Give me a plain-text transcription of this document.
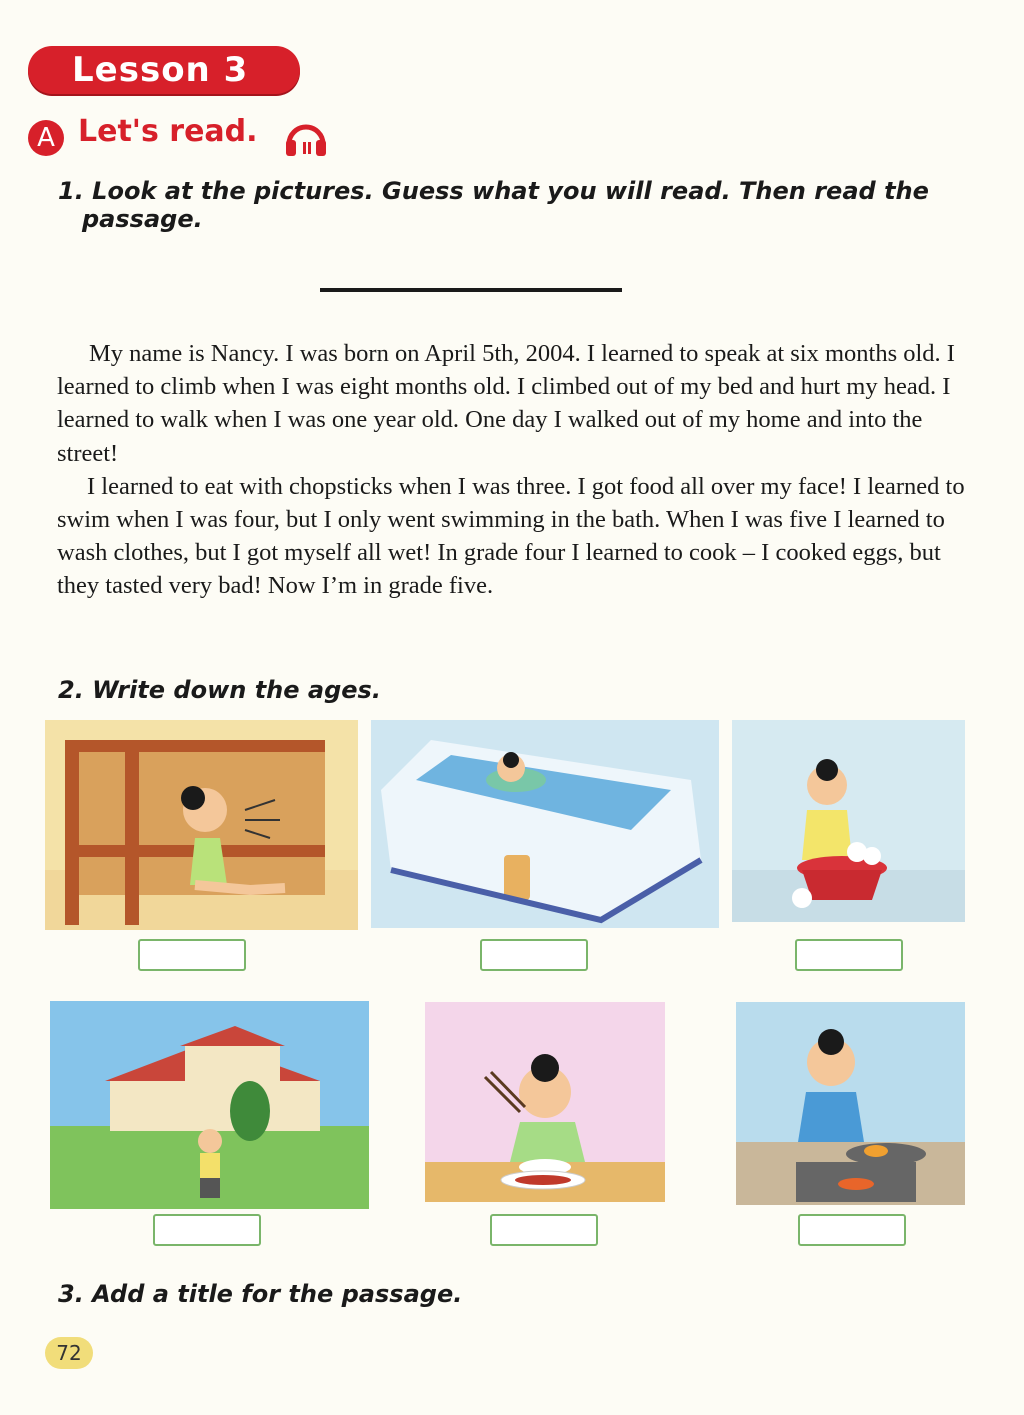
Lesson 3
A Let's read.
1. Look at the pictures. Guess what you will read. Then read the
passage.

My name is Nancy. I was born on April 5th, 2004. I learned to speak at six months old. I learned to climb when I was eight months old. I climbed out of my bed and hurt my head. I learned to walk when I was one year old. One day I walked out of my home and into the street!

I learned to eat with chopsticks when I was three. I got food all over my face! I learned to swim when I was four, but I only went swimming in the bath. When I was five I learned to wash clothes, but I got myself all wet! In grade four I learned to cook – I cooked eggs, but they tasted very bad! Now I’m in grade five.

2. Write down the ages.
3. Add a title for the passage.
72
